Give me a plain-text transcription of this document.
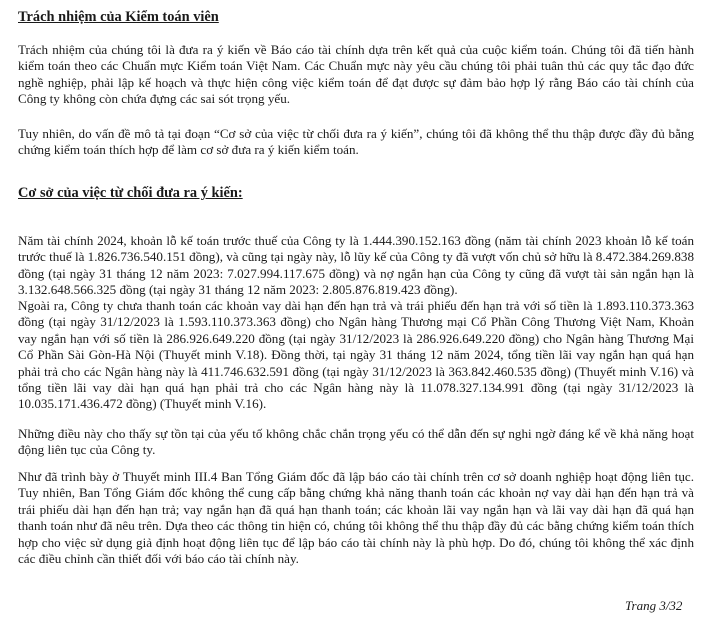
Trách nhiệm của Kiểm toán viên

Trách nhiệm của chúng tôi là đưa ra ý kiến về Báo cáo tài chính dựa trên kết quả của cuộc kiểm toán. Chúng tôi đã tiến hành kiểm toán theo các Chuẩn mực Kiểm toán Việt Nam. Các Chuẩn mực này yêu cầu chúng tôi phải tuân thủ các quy tắc đạo đức nghề nghiệp, phải lập kế hoạch và thực hiện công việc kiểm toán để đạt được sự đảm bảo hợp lý rằng Báo cáo tài chính của Công ty không còn chứa đựng các sai sót trọng yếu.

Tuy nhiên, do vấn đề mô tả tại đoạn “Cơ sở của việc từ chối đưa ra ý kiến”, chúng tôi đã không thể thu thập được đầy đủ bằng chứng kiểm toán thích hợp để làm cơ sở đưa ra ý kiến kiểm toán.

Cơ sở của việc từ chối đưa ra ý kiến:

Năm tài chính 2024, khoản lỗ kế toán trước thuế của Công ty là 1.444.390.152.163 đồng (năm tài chính 2023 khoản lỗ kế toán trước thuế là 1.826.736.540.151 đồng), và cũng tại ngày này, lỗ lũy kế của Công ty đã vượt vốn chủ sở hữu là 8.472.384.269.838 đồng (tại ngày 31 tháng 12 năm 2023: 7.027.994.117.675 đồng) và nợ ngắn hạn của Công ty cũng đã vượt tài sản ngắn hạn là 3.132.648.566.325 đồng (tại ngày 31 tháng 12 năm 2023: 2.805.876.819.423 đồng).

Ngoài ra, Công ty chưa thanh toán các khoản vay dài hạn đến hạn trả và trái phiếu đến hạn trả với số tiền là 1.893.110.373.363 đồng (tại ngày 31/12/2023 là 1.593.110.373.363 đồng) cho Ngân hàng Thương mại Cổ Phần Công Thương Việt Nam, Khoản vay ngắn hạn với số tiền là 286.926.649.220 đồng (tại ngày 31/12/2023 là 286.926.649.220 đồng) cho Ngân hàng Thương Mại Cổ Phần Sài Gòn-Hà Nội (Thuyết minh V.18). Đồng thời, tại ngày 31 tháng 12 năm 2024, tổng tiền lãi vay ngắn hạn quá hạn phải trả cho các Ngân hàng này là 411.746.632.591 đồng (tại ngày 31/12/2023 là 363.842.460.535 đồng) (Thuyết minh V.16) và tổng tiền lãi vay dài hạn quá hạn phải trả cho các Ngân hàng này là 11.078.327.134.991 đồng (tại ngày 31/12/2023 là 10.035.171.436.472 đồng) (Thuyết minh V.16).

Những điều này cho thấy sự tồn tại của yếu tố không chắc chắn trọng yếu có thể dẫn đến sự nghi ngờ đáng kể về khả năng hoạt động liên tục của Công ty.

Như đã trình bày ở Thuyết minh III.4 Ban Tổng Giám đốc đã lập báo cáo tài chính trên cơ sở doanh nghiệp hoạt động liên tục. Tuy nhiên, Ban Tổng Giám đốc không thể cung cấp bằng chứng khả năng thanh toán các khoản nợ vay dài hạn đến hạn trả và trái phiếu dài hạn đến hạn trả; vay ngắn hạn đã quá hạn thanh toán; các khoản lãi vay ngắn hạn và lãi vay dài hạn đã quá hạn thanh toán như đã nêu trên. Dựa theo các thông tin hiện có, chúng tôi không thể thu thập đầy đủ các bằng chứng kiểm toán thích hợp cho việc sử dụng giả định hoạt động liên tục để lập báo cáo tài chính này là phù hợp. Do đó, chúng tôi không thể xác định các điều chỉnh cần thiết đối với báo cáo tài chính này.

Trang 3/32
